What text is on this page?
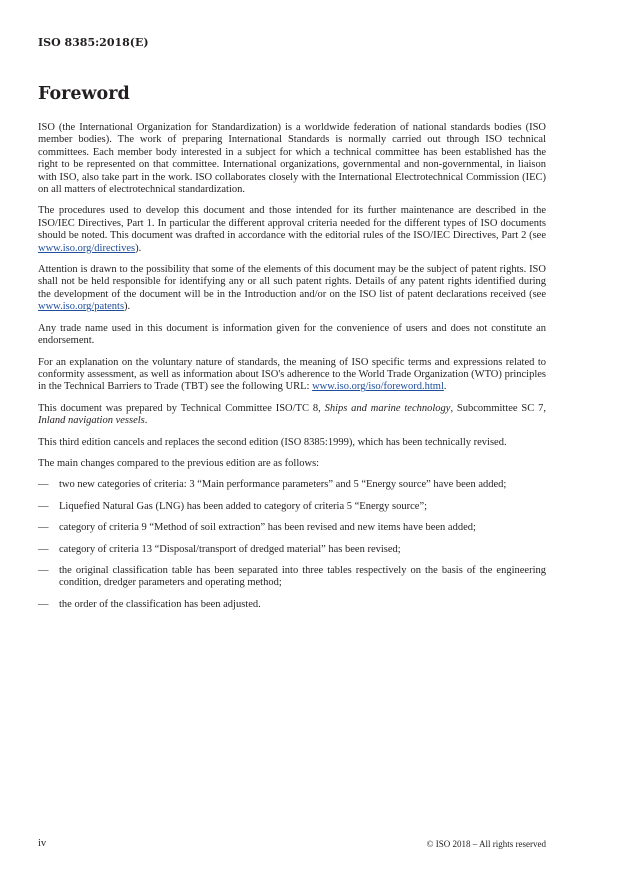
ISO 8385:2018(E)
Foreword

ISO (the International Organization for Standardization) is a worldwide federation of national standards bodies (ISO member bodies). The work of preparing International Standards is normally carried out through ISO technical committees. Each member body interested in a subject for which a technical committee has been established has the right to be represented on that committee. International organizations, governmental and non-governmental, in liaison with ISO, also take part in the work. ISO collaborates closely with the International Electrotechnical Commission (IEC) on all matters of electrotechnical standardization.

The procedures used to develop this document and those intended for its further maintenance are described in the ISO/IEC Directives, Part 1. In particular the different approval criteria needed for the different types of ISO documents should be noted. This document was drafted in accordance with the editorial rules of the ISO/IEC Directives, Part 2 (see www.iso.org/directives).

Attention is drawn to the possibility that some of the elements of this document may be the subject of patent rights. ISO shall not be held responsible for identifying any or all such patent rights. Details of any patent rights identified during the development of the document will be in the Introduction and/or on the ISO list of patent declarations received (see www.iso.org/patents).

Any trade name used in this document is information given for the convenience of users and does not constitute an endorsement.

For an explanation on the voluntary nature of standards, the meaning of ISO specific terms and expressions related to conformity assessment, as well as information about ISO's adherence to the World Trade Organization (WTO) principles in the Technical Barriers to Trade (TBT) see the following URL: www.iso.org/iso/foreword.html.

This document was prepared by Technical Committee ISO/TC 8, Ships and marine technology, Subcommittee SC 7, Inland navigation vessels.

This third edition cancels and replaces the second edition (ISO 8385:1999), which has been technically revised.

The main changes compared to the previous edition are as follows:

— two new categories of criteria: 3 “Main performance parameters” and 5 “Energy source” have been added;
— Liquefied Natural Gas (LNG) has been added to category of criteria 5 “Energy source”;
— category of criteria 9 “Method of soil extraction” has been revised and new items have been added;
— category of criteria 13 “Disposal/transport of dredged material” has been revised;
— the original classification table has been separated into three tables respectively on the basis of the engineering condition, dredger parameters and operating method;
— the order of the classification has been adjusted.
iv	© ISO 2018 – All rights reserved
